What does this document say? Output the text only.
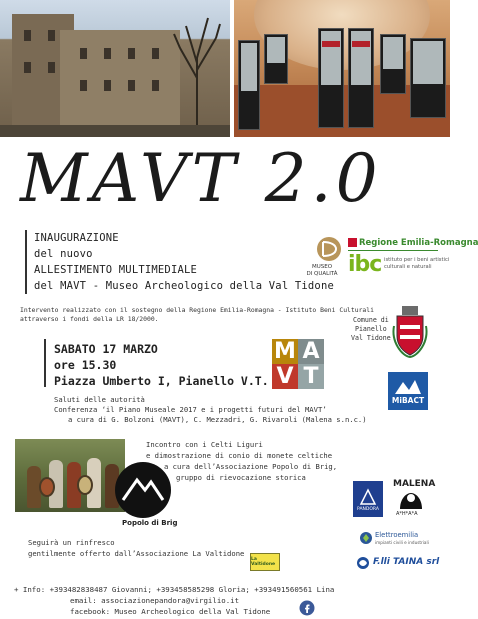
MAVT 2.0
INAUGURAZIONE
del nuovo
ALLESTIMENTO MULTIMEDIALE
del MAVT - Museo Archeologico della Val Tidone
Intervento realizzato con il sostegno della Regione Emilia-Romagna - Istituto Beni Culturali
attraverso i fondi della LR 18/2000.
MUSEO
DI QUALITÀ
Regione Emilia-Romagna
ibc istituto per i beni artistici
culturali e naturali
Comune di
Pianello
Val Tidone
SABATO 17 MARZO
ore 15.30
Piazza Umberto I, Pianello V.T.
M A
V T
MiBACT
Saluti delle autorità
Conferenza ‘il Piano Museale 2017 e i progetti futuri del MAVT’
a cura di G. Bolzoni (MAVT), C. Mezzadri, G. Rivaroli (Malena s.n.c.)
Popolo di Brig
Incontro con i Celti Liguri
e dimostrazione di conio di monete celtiche
a cura dell’Associazione Popolo di Brig,
gruppo di rievocazione storica
PANDORA
MALENA
A*H*A*A
Seguirà un rinfresco
gentilmente offerto dall’Associazione La Valtidone
La Valtidone
Elettroemilia
impianti civili e industriali
F.lli TAINA srl
+ Info: +393482838487 Giovanni; +393458585298 Gloria; +393491560561 Lina
email: associazionepandora@virgilio.it
facebook: Museo Archeologico della Val Tidone
